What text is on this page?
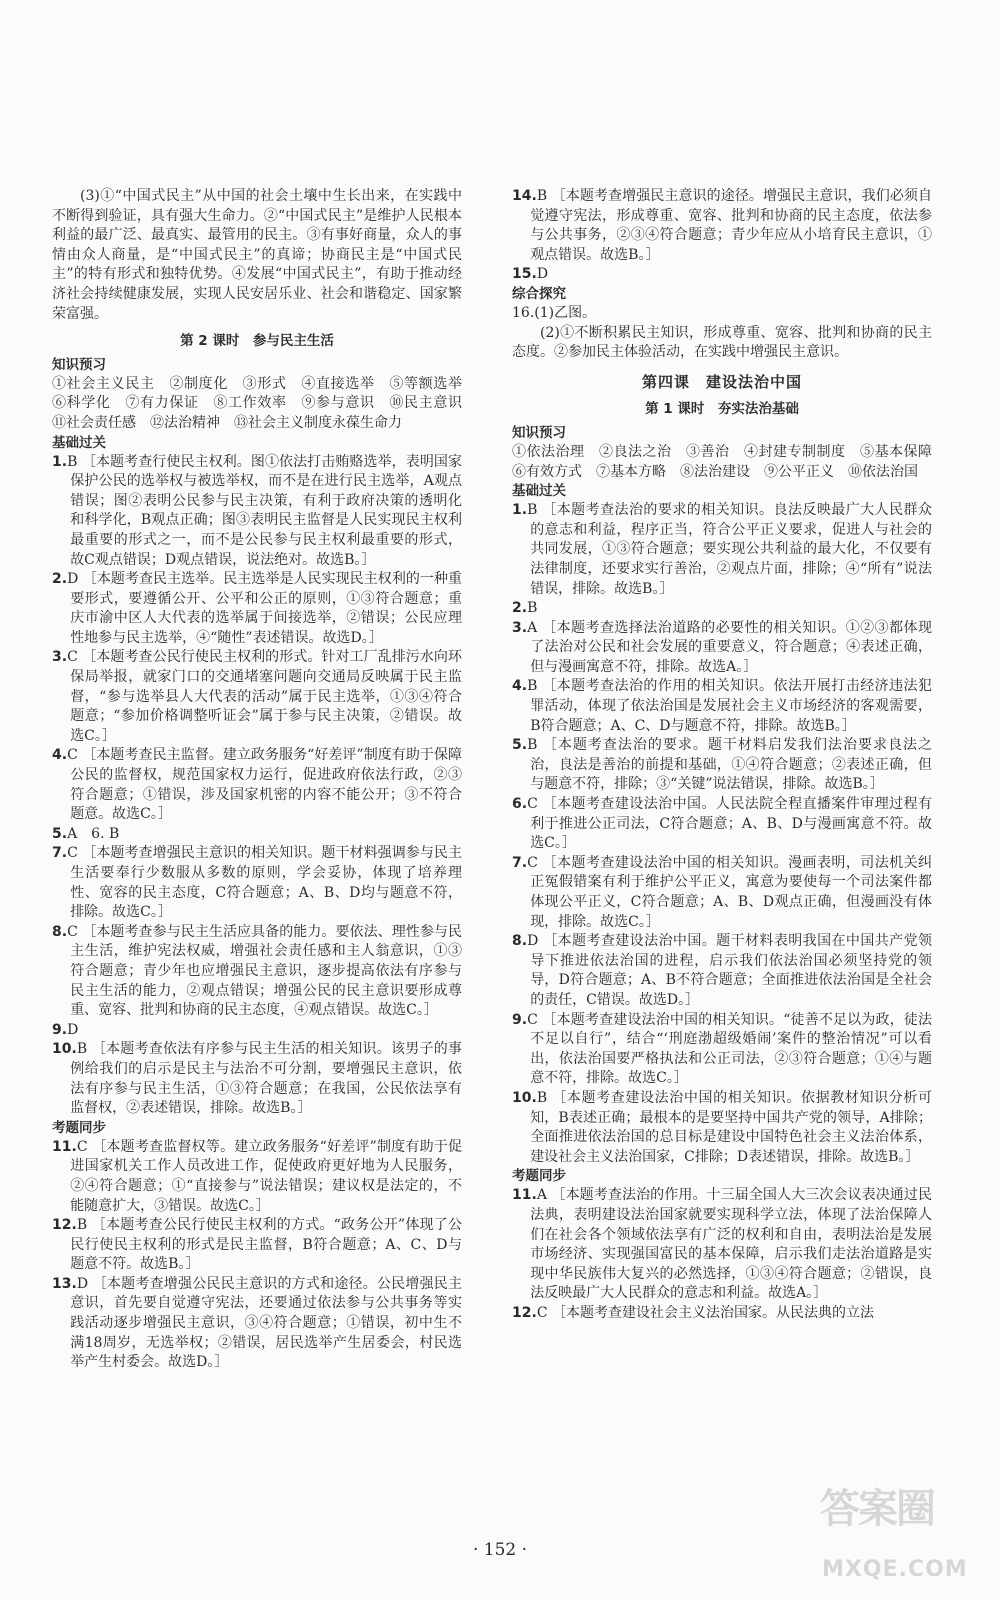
(3)①“中国式民主”从中国的社会土壤中生长出来，在实践中不断得到验证，具有强大生命力。②“中国式民主”是维护人民根本利益的最广泛、最真实、最管用的民主。③有事好商量，众人的事情由众人商量，是“中国式民主”的真谛；协商民主是“中国式民主”的特有形式和独特优势。④发展“中国式民主”，有助于推动经济社会持续健康发展，实现人民安居乐业、社会和谐稳定、国家繁荣富强。

第 2 课时　参与民主生活
知识预习

①社会主义民主　②制度化　③形式　④直接选举　⑤等额选举　⑥科学化　⑦有力保证　⑧工作效率　⑨参与意识　⑩民主意识　⑪社会责任感　⑫法治精神　⑬社会主义制度永葆生命力

基础过关

1.B ［本题考查行使民主权利。图①依法打击贿赂选举，表明国家保护公民的选举权与被选举权，而不是在进行民主选举，A观点错误；图②表明公民参与民主决策，有利于政府决策的透明化和科学化，B观点正确；图③表明民主监督是人民实现民主权利最重要的形式之一，而不是公民参与民主权利最重要的形式，故C观点错误；D观点错误，说法绝对。故选B。］

2.D ［本题考查民主选举。民主选举是人民实现民主权利的一种重要形式，要遵循公开、公平和公正的原则，①③符合题意；重庆市渝中区人大代表的选举属于间接选举，②错误；公民应理性地参与民主选举，④“随性”表述错误。故选D。］

3.C ［本题考查公民行使民主权利的形式。针对工厂乱排污水向环保局举报，就家门口的交通堵塞问题向交通局反映属于民主监督，“参与选举县人大代表的活动”属于民主选举，①③④符合题意；“参加价格调整听证会”属于参与民主决策，②错误。故选C。］

4.C ［本题考查民主监督。建立政务服务“好差评”制度有助于保障公民的监督权，规范国家权力运行，促进政府依法行政，②③符合题意；①错误，涉及国家机密的内容不能公开；③不符合题意。故选C。］

5.A　6. B

7.C ［本题考查增强民主意识的相关知识。题干材料强调参与民主生活要奉行少数服从多数的原则，学会妥协，体现了培养理性、宽容的民主态度，C符合题意；A、B、D均与题意不符，排除。故选C。］

8.C ［本题考查参与民主生活应具备的能力。要依法、理性参与民主生活，维护宪法权威，增强社会责任感和主人翁意识，①③符合题意；青少年也应增强民主意识，逐步提高依法有序参与民主生活的能力，②观点错误；增强公民的民主意识要形成尊重、宽容、批判和协商的民主态度，④观点错误。故选C。］

9.D

10.B ［本题考查依法有序参与民主生活的相关知识。该男子的事例给我们的启示是民主与法治不可分割，要增强民主意识，依法有序参与民主生活，①③符合题意；在我国，公民依法享有监督权，②表述错误，排除。故选B。］

考题同步

11.C ［本题考查监督权等。建立政务服务“好差评”制度有助于促进国家机关工作人员改进工作，促使政府更好地为人民服务，②④符合题意；①“直接参与”说法错误；建议权是法定的，不能随意扩大，③错误。故选C。］

12.B ［本题考查公民行使民主权利的方式。“政务公开”体现了公民行使民主权利的形式是民主监督，B符合题意；A、C、D与题意不符。故选B。］

13.D ［本题考查增强公民民主意识的方式和途径。公民增强民主意识，首先要自觉遵守宪法，还要通过依法参与公共事务等实践活动逐步增强民主意识，③④符合题意；①错误，初中生不满18周岁，无选举权；②错误，居民选举产生居委会，村民选举产生村委会。故选D。］

14.B ［本题考查增强民主意识的途径。增强民主意识，我们必须自觉遵守宪法，形成尊重、宽容、批判和协商的民主态度，依法参与公共事务，②③④符合题意；青少年应从小培育民主意识，①观点错误。故选B。］

15.D

综合探究

16.(1)乙图。

(2)①不断积累民主知识，形成尊重、宽容、批判和协商的民主态度。②参加民主体验活动，在实践中增强民主意识。

第四课　建设法治中国
第 1 课时　夯实法治基础
知识预习

①依法治理　②良法之治　③善治　④封建专制制度　⑤基本保障　⑥有效方式　⑦基本方略　⑧法治建设　⑨公平正义　⑩依法治国

基础过关

1.B ［本题考查法治的要求的相关知识。良法反映最广大人民群众的意志和利益，程序正当，符合公平正义要求，促进人与社会的共同发展，①③符合题意；要实现公共利益的最大化，不仅要有法律制度，还要求实行善治，②观点片面，排除；④“所有”说法错误，排除。故选B。］

2.B

3.A ［本题考查选择法治道路的必要性的相关知识。①②③都体现了法治对公民和社会发展的重要意义，符合题意；④表述正确，但与漫画寓意不符，排除。故选A。］

4.B ［本题考查法治的作用的相关知识。依法开展打击经济违法犯罪活动，体现了依法治国是发展社会主义市场经济的客观需要，B符合题意；A、C、D与题意不符，排除。故选B。］

5.B ［本题考查法治的要求。题干材料启发我们法治要求良法之治，良法是善治的前提和基础，①④符合题意；②表述正确，但与题意不符，排除；③“关键”说法错误，排除。故选B。］

6.C ［本题考查建设法治中国。人民法院全程直播案件审理过程有利于推进公正司法，C符合题意；A、B、D与漫画寓意不符。故选C。］

7.C ［本题考查建设法治中国的相关知识。漫画表明，司法机关纠正冤假错案有利于维护公平正义，寓意为要使每一个司法案件都体现公平正义，C符合题意；A、B、D观点正确，但漫画没有体现，排除。故选C。］

8.D ［本题考查建设法治中国。题干材料表明我国在中国共产党领导下推进依法治国的进程，启示我们依法治国必须坚持党的领导，D符合题意；A、B不符合题意；全面推进依法治国是全社会的责任，C错误。故选D。］

9.C ［本题考查建设法治中国的相关知识。“徒善不足以为政，徒法不足以自行”，结合“‘刑庭渤超级婚闹’案件的整治情况”可以看出，依法治国要严格执法和公正司法，②③符合题意；①④与题意不符，排除。故选C。］

10.B ［本题考查建设法治中国的相关知识。依据教材知识分析可知，B表述正确；最根本的是要坚持中国共产党的领导，A排除；全面推进依法治国的总目标是建设中国特色社会主义法治体系，建设社会主义法治国家，C排除；D表述错误，排除。故选B。］

考题同步

11.A ［本题考查法治的作用。十三届全国人大三次会议表决通过民法典，表明建设法治国家就要实现科学立法，体现了法治保障人们在社会各个领域依法享有广泛的权利和自由，表明法治是发展市场经济、实现强国富民的基本保障，启示我们走法治道路是实现中华民族伟大复兴的必然选择，①③④符合题意；②错误，良法反映最广大人民群众的意志和利益。故选A。］

12.C ［本题考查建设社会主义法治国家。从民法典的立法

· 152 ·
答案圈
MXQE.COM
